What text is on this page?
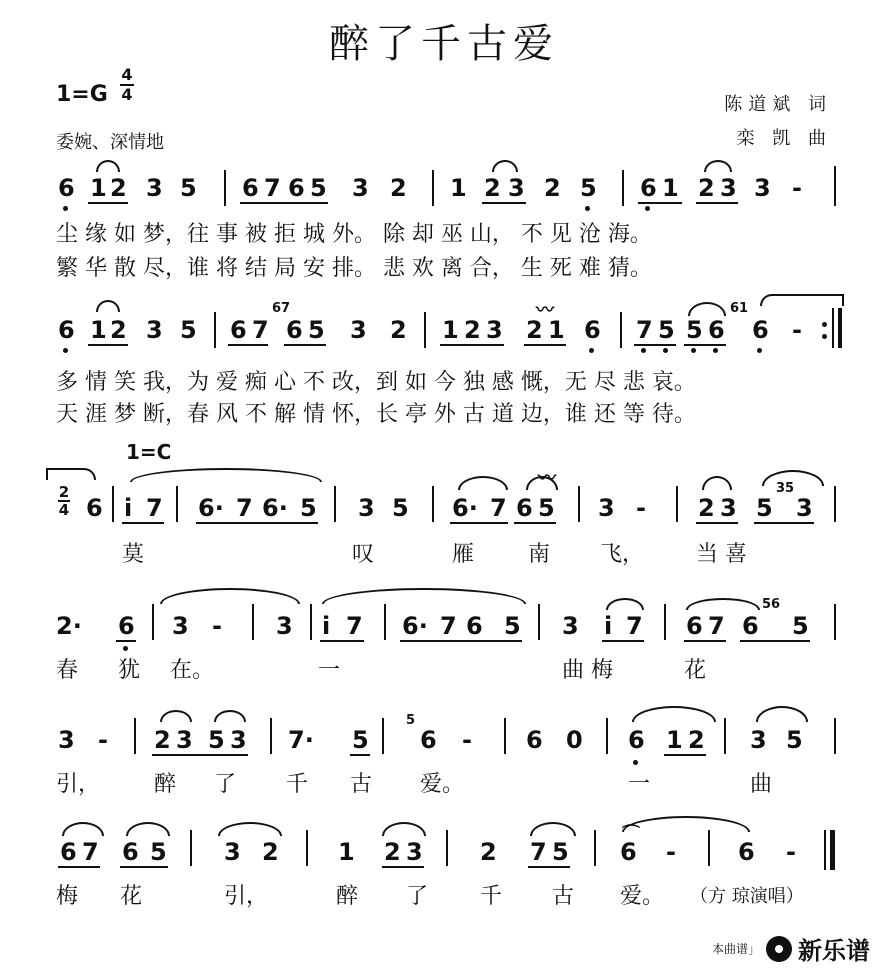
醉了千古爱
1=G
4
4	陈道斌 词
栾 凯 曲
委婉、深情地
6 1 2 3 5 6 7 6 5 3 2 1 2 3 2 5 6 1 2 3 3 -
尘 缘 如 梦，往 事 被 拒 城 外。 除 却 巫 山， 不 见 沧 海。
繁 华 散 尽，谁 将 结 局 安 排。 悲 欢 离 合， 生 死 难 猜。
6 1 2 3 5 6 7
67
6 5 3 2 1 2 3
〰
2 1 6 7 5 5 6
61
6 -
多 情 笑 我，为 爱 痴 心 不 改，到 如 今 独 感 慨，无 尽 悲 哀。
天 涯 梦 断，春 风 不 解 情 怀，长 亭 外 古 道 边，谁 还 等 待。
1=C
2
4 6 i 7 6· 7 6· 5 3 5 6· 7
〰
6 5 3 - 2 3 5
35
3
莫	叹	雁 南 飞， 当 喜
2· 6 3 - 3 i 7 6· 7 6 5 3 i 7 6 7 6
56
5
春 犹 在。	一	曲 梅	花
3 - 2 3 5 3 7· 5
5
6 - 6 0 6 1 2 3 5
引， 醉 了 千 古 爱。	一	曲
⌒
6 7 6 5 3 2 1 2 3 2 7 5 6 -	6 -
梅 花	引，	醉 了 千 古 爱。 （方 琼演唱）
本曲谱」 新乐谱
